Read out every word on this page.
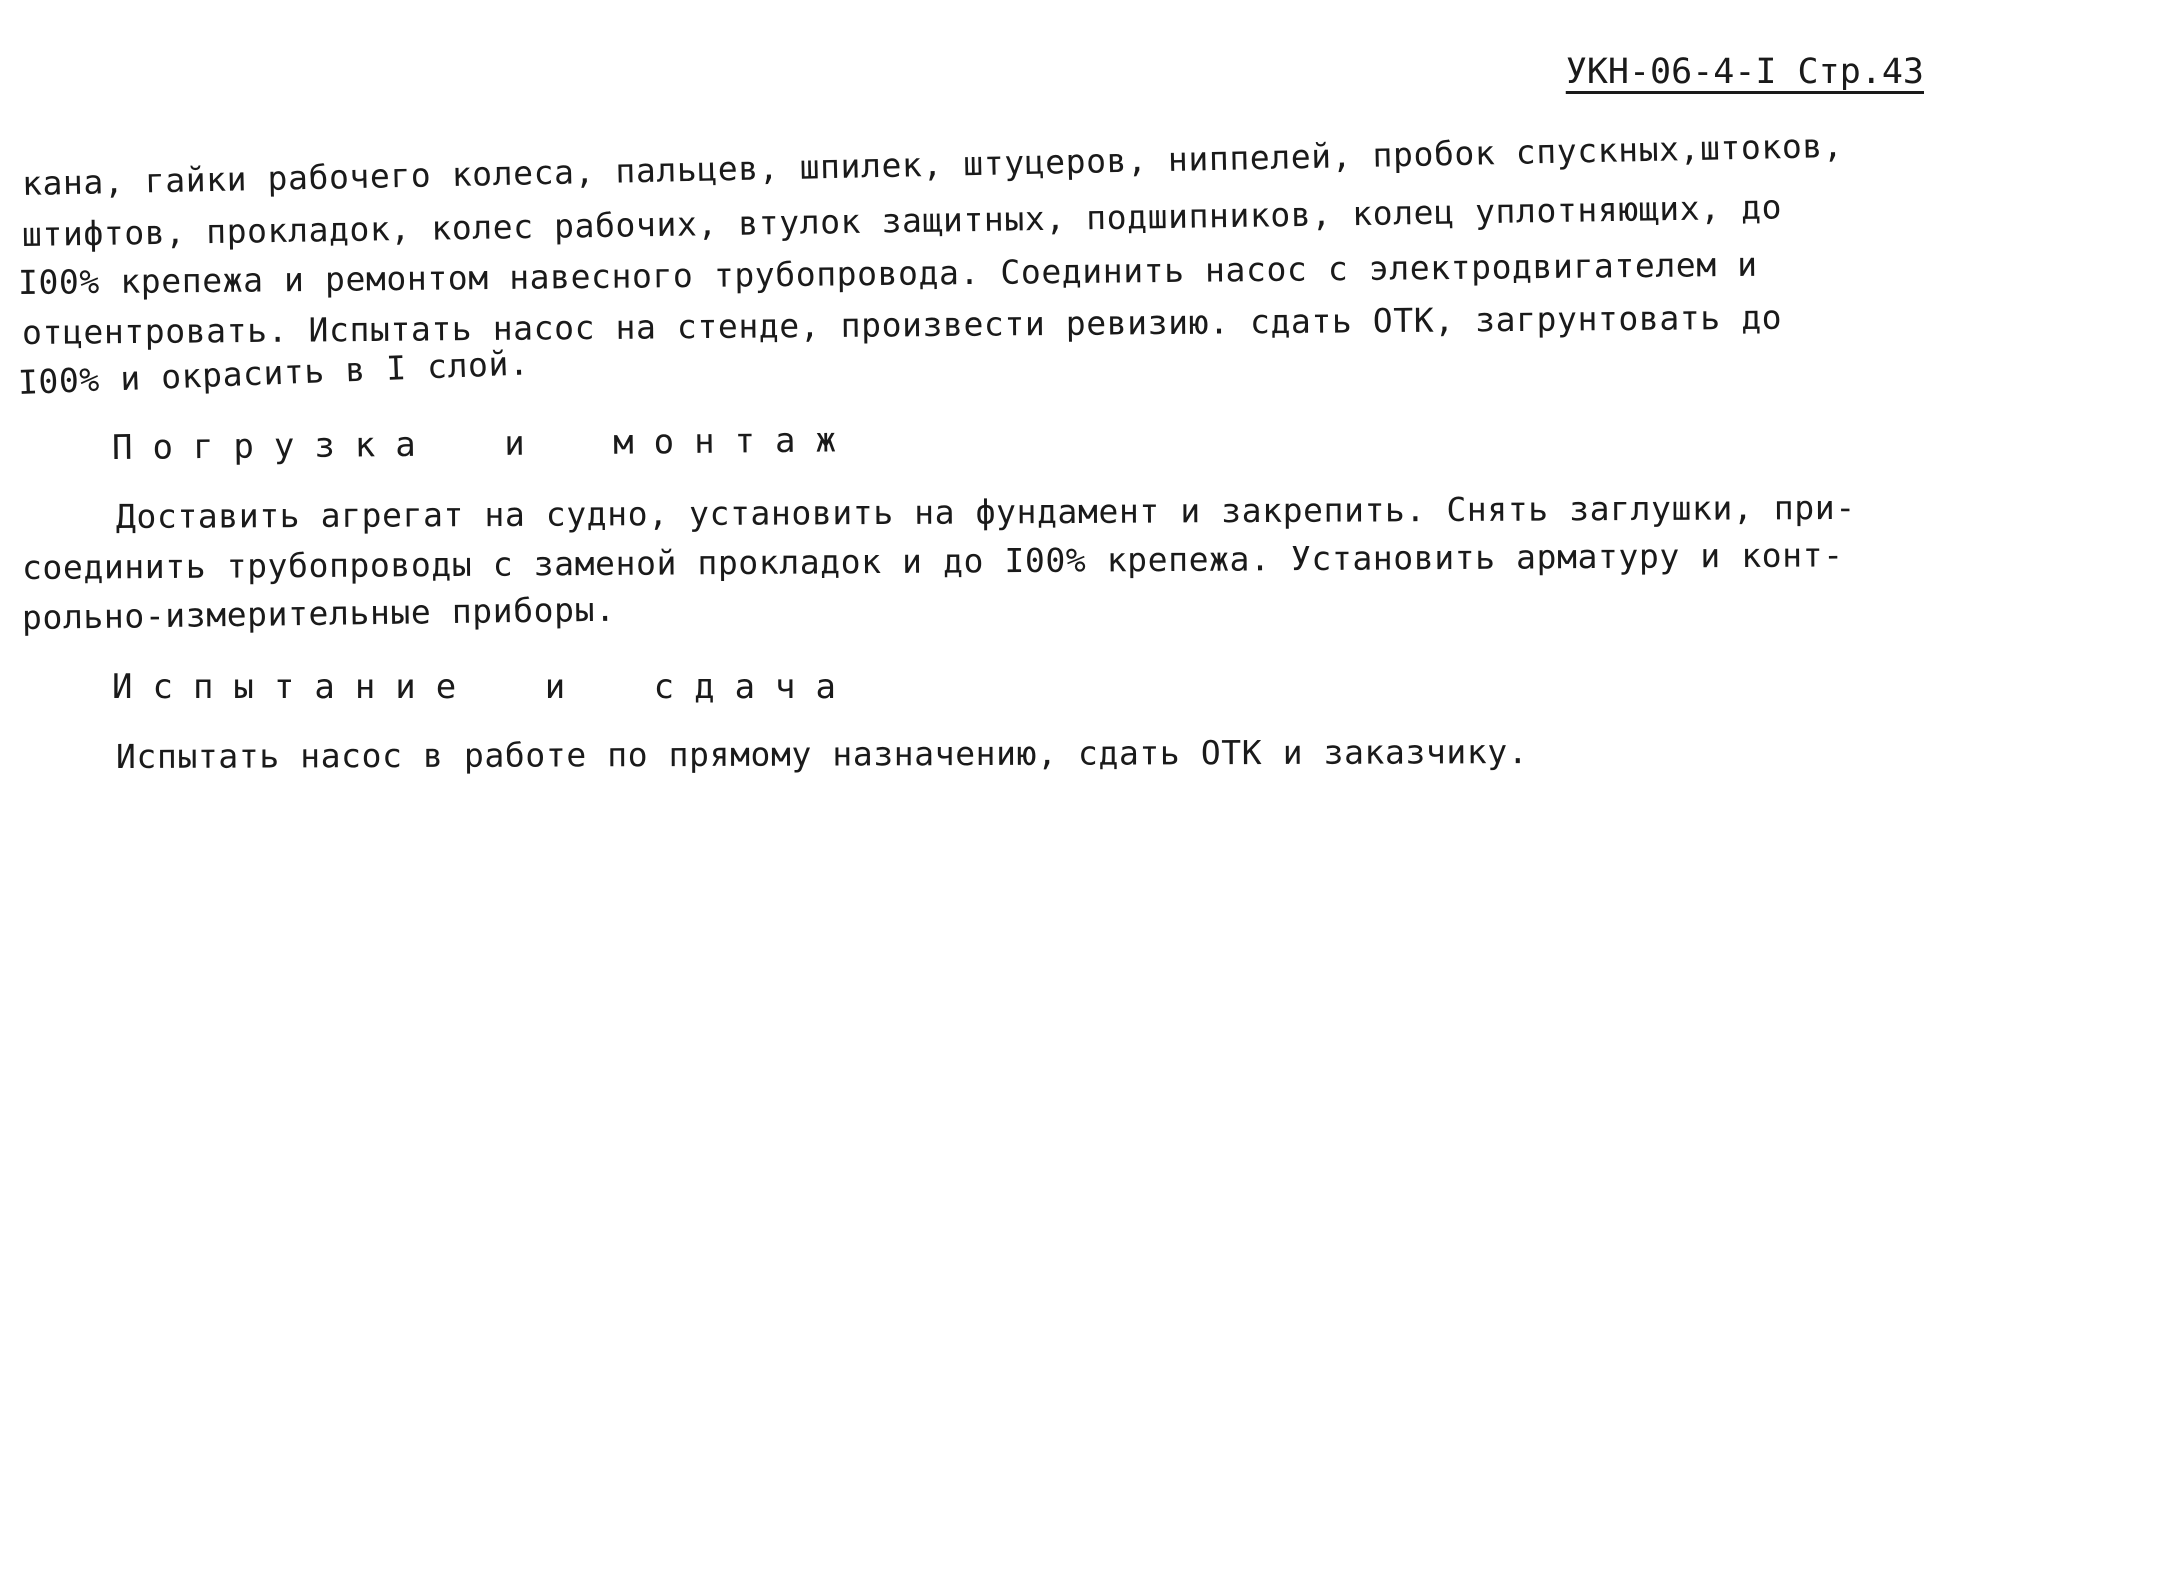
УКН-06-4-I Стр.43
кана, гайки рабочего колеса, пальцев, шпилек, штуцеров, ниппелей, пробок спускных,штоков,
штифтов, прокладок, колес рабочих, втулок защитных, подшипников, колец уплотняющих, до
I00% крепежа и ремонтом навесного трубопровода. Соединить насос с электродвигателем и
отцентровать. Испытать насос на стенде, произвести ревизию. сдать ОТК, загрунтовать до
I00% и окрасить в I слой.
Погрузка и монтаж
Доставить агрегат на судно, установить на фундамент и закрепить. Снять заглушки, при-
соединить трубопроводы с заменой прокладок и до I00% крепежа. Установить арматуру и конт-
рольно-измерительные приборы.
Испытание и сдача
Испытать насос в работе по прямому назначению, сдать ОТК и заказчику.
